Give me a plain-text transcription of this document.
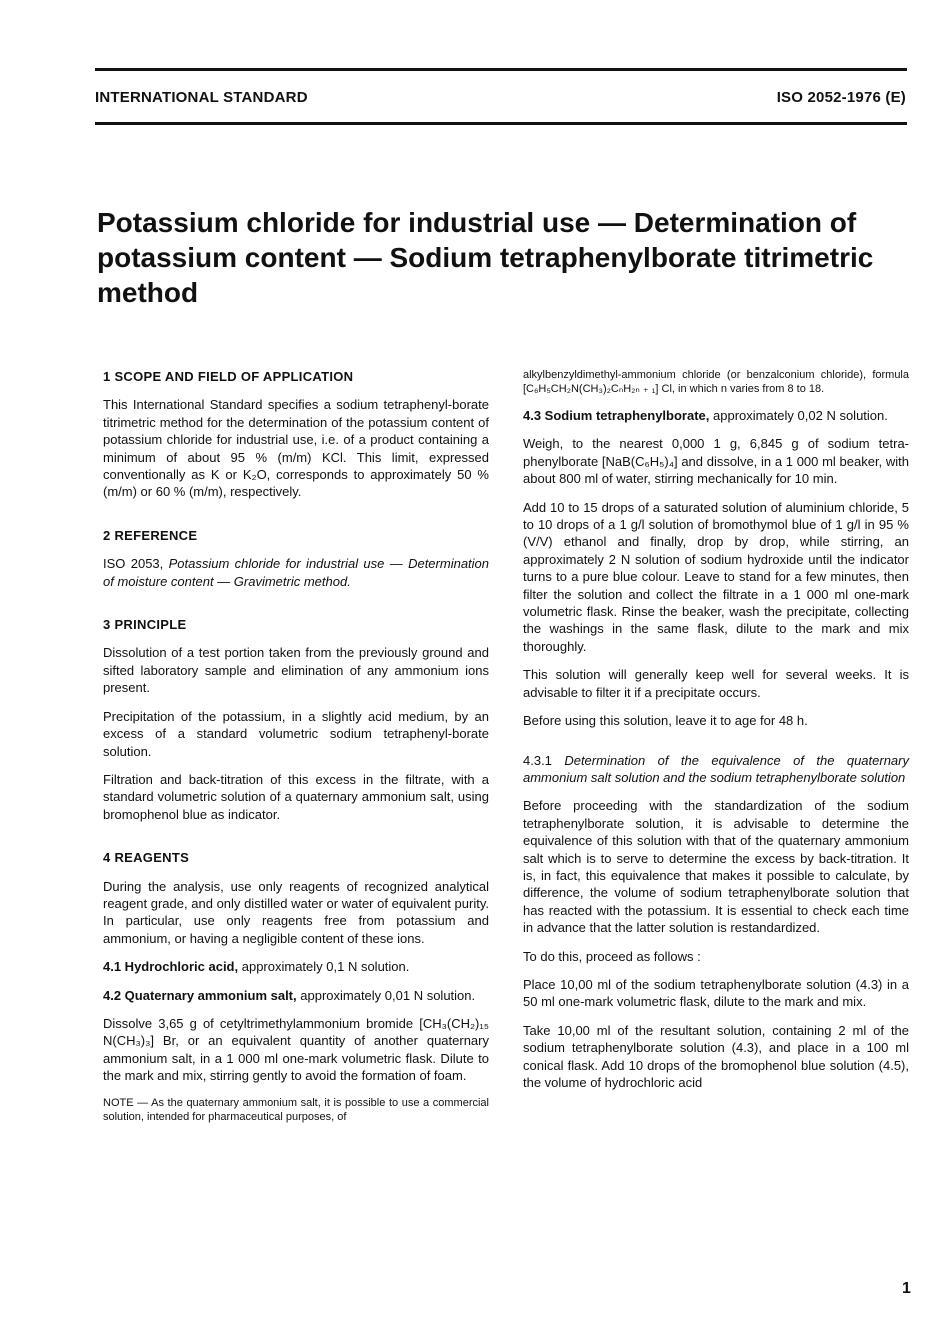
INTERNATIONAL STANDARD	ISO 2052-1976 (E)
Potassium chloride for industrial use — Determination of potassium content — Sodium tetraphenylborate titrimetric method
1 SCOPE AND FIELD OF APPLICATION

This International Standard specifies a sodium tetraphenyl-borate titrimetric method for the determination of the potassium content of potassium chloride for industrial use, i.e. of a product containing a minimum of about 95 % (m/m) KCl. This limit, expressed conventionally as K or K₂O, corresponds to approximately 50 % (m/m) or 60 % (m/m), respectively.

2 REFERENCE

ISO 2053, Potassium chloride for industrial use — Determination of moisture content — Gravimetric method.

3 PRINCIPLE

Dissolution of a test portion taken from the previously ground and sifted laboratory sample and elimination of any ammonium ions present.

Precipitation of the potassium, in a slightly acid medium, by an excess of a standard volumetric sodium tetraphenyl-borate solution.

Filtration and back-titration of this excess in the filtrate, with a standard volumetric solution of a quaternary ammonium salt, using bromophenol blue as indicator.

4 REAGENTS

During the analysis, use only reagents of recognized analytical reagent grade, and only distilled water or water of equivalent purity. In particular, use only reagents free from potassium and ammonium, or having a negligible content of these ions.

4.1 Hydrochloric acid, approximately 0,1 N solution.

4.2 Quaternary ammonium salt, approximately 0,01 N solution.

Dissolve 3,65 g of cetyltrimethylammonium bromide [CH₃(CH₂)₁₅ N(CH₃)₃] Br, or an equivalent quantity of another quaternary ammonium salt, in a 1 000 ml one-mark volumetric flask. Dilute to the mark and mix, stirring gently to avoid the formation of foam.

NOTE — As the quaternary ammonium salt, it is possible to use a commercial solution, intended for pharmaceutical purposes, of

alkylbenzyldimethyl-ammonium chloride (or benzalconium chloride), formula [C₆H₅CH₂N(CH₃)₂CₙH₂ₙ ₊ ₁] Cl, in which n varies from 8 to 18.

4.3 Sodium tetraphenylborate, approximately 0,02 N solution.

Weigh, to the nearest 0,000 1 g, 6,845 g of sodium tetra-phenylborate [NaB(C₆H₅)₄] and dissolve, in a 1 000 ml beaker, with about 800 ml of water, stirring mechanically for 10 min.

Add 10 to 15 drops of a saturated solution of aluminium chloride, 5 to 10 drops of a 1 g/l solution of bromothymol blue of 1 g/l in 95 % (V/V) ethanol and finally, drop by drop, while stirring, an approximately 2 N solution of sodium hydroxide until the indicator turns to a pure blue colour. Leave to stand for a few minutes, then filter the solution and collect the filtrate in a 1 000 ml one-mark volumetric flask. Rinse the beaker, wash the precipitate, collecting the washings in the same flask, dilute to the mark and mix thoroughly.

This solution will generally keep well for several weeks. It is advisable to filter it if a precipitate occurs.

Before using this solution, leave it to age for 48 h.

4.3.1 Determination of the equivalence of the quaternary ammonium salt solution and the sodium tetraphenylborate solution

Before proceeding with the standardization of the sodium tetraphenylborate solution, it is advisable to determine the equivalence of this solution with that of the quaternary ammonium salt which is to serve to determine the excess by back-titration. It is, in fact, this equivalence that makes it possible to calculate, by difference, the volume of sodium tetraphenylborate solution that has reacted with the potassium. It is essential to check each time in advance that the latter solution is restandardized.

To do this, proceed as follows :

Place 10,00 ml of the sodium tetraphenylborate solution (4.3) in a 50 ml one-mark volumetric flask, dilute to the mark and mix.

Take 10,00 ml of the resultant solution, containing 2 ml of the sodium tetraphenylborate solution (4.3), and place in a 100 ml conical flask. Add 10 drops of the bromophenol blue solution (4.5), the volume of hydrochloric acid

1
